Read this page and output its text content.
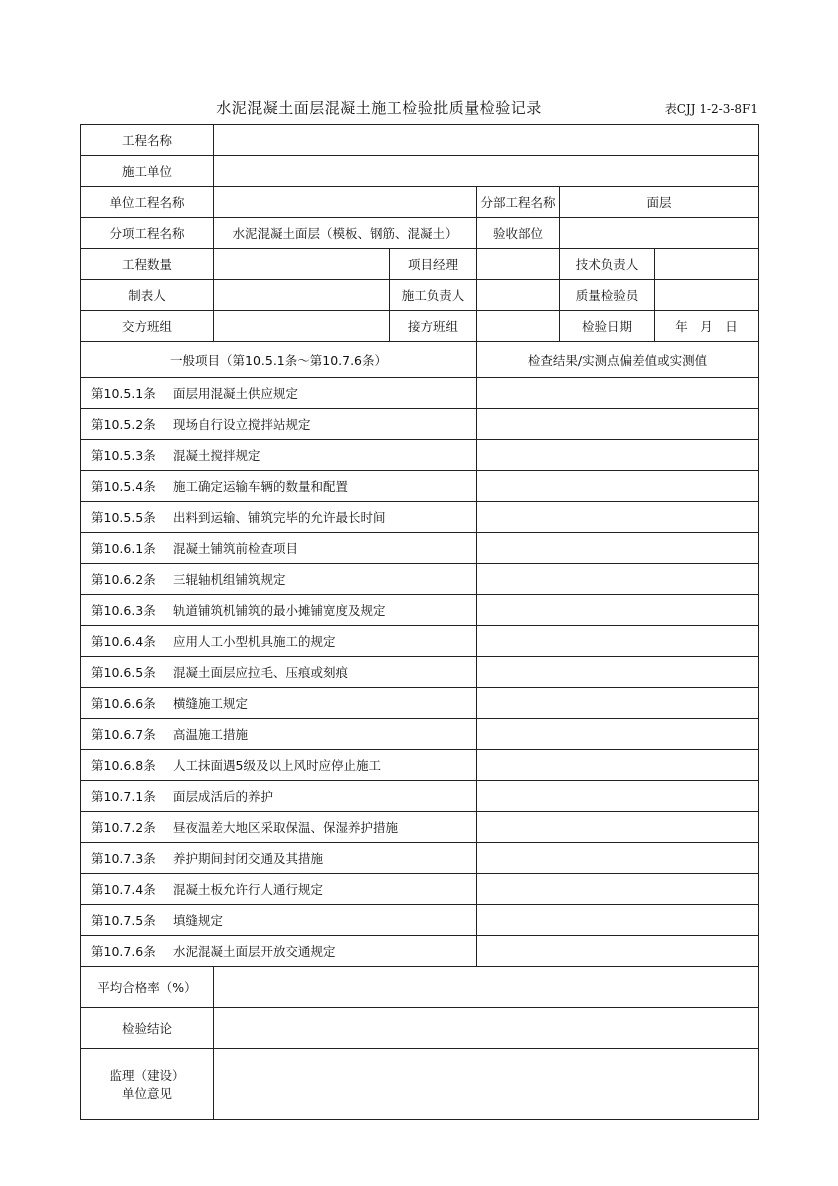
水泥混凝土面层混凝土施工检验批质量检验记录	表CJJ 1-2-3-8F1
工程名称					
施工单位					
单位工程名称			分部工程名称	面层	
分项工程名称	水泥混凝土面层（模板、钢筋、混凝土）		验收部位		
工程数量		项目经理		技术负责人	
制表人		施工负责人		质量检验员	
交方班组		接方班组		检验日期	年　月　日
一般项目（第10.5.1条～第10.7.6条）			检查结果/实测点偏差值或实测值		
第10.5.1条 面层用混凝土供应规定					
第10.5.2条 现场自行设立搅拌站规定					
第10.5.3条 混凝土搅拌规定					
第10.5.4条 施工确定运输车辆的数量和配置					
第10.5.5条 出料到运输、铺筑完毕的允许最长时间					
第10.6.1条 混凝土铺筑前检查项目					
第10.6.2条 三辊轴机组铺筑规定					
第10.6.3条 轨道铺筑机铺筑的最小摊铺宽度及规定					
第10.6.4条 应用人工小型机具施工的规定					
第10.6.5条 混凝土面层应拉毛、压痕或刻痕					
第10.6.6条 横缝施工规定					
第10.6.7条 高温施工措施					
第10.6.8条 人工抹面遇5级及以上风时应停止施工					
第10.7.1条 面层成活后的养护					
第10.7.2条 昼夜温差大地区采取保温、保湿养护措施					
第10.7.3条 养护期间封闭交通及其措施					
第10.7.4条 混凝土板允许行人通行规定					
第10.7.5条 填缝规定					
第10.7.6条 水泥混凝土面层开放交通规定					
平均合格率（%）					
检验结论					

监理（建设）
单位意见					
